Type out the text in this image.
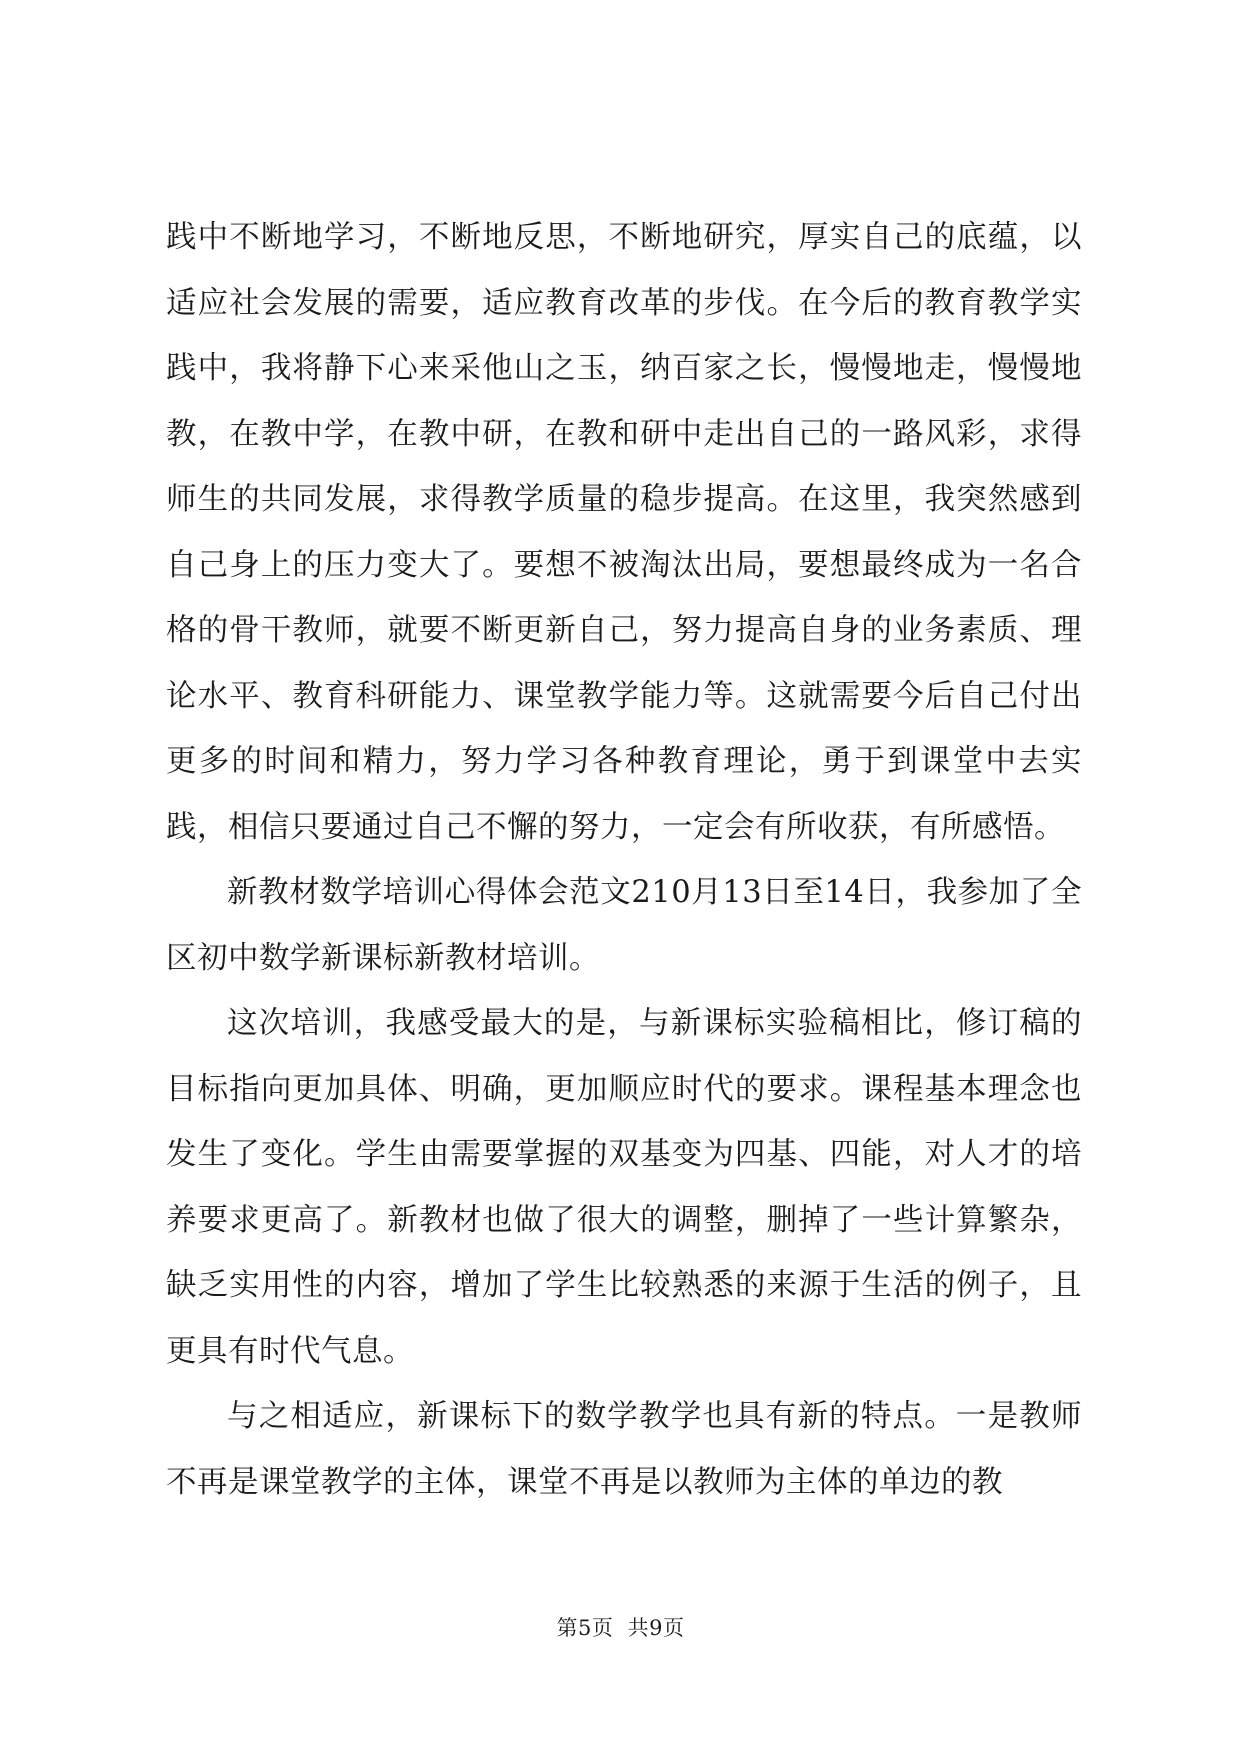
践中不断地学习，不断地反思，不断地研究，厚实自己的底蕴，以适应社会发展的需要，适应教育改革的步伐。在今后的教育教学实践中，我将静下心来采他山之玉，纳百家之长，慢慢地走，慢慢地教，在教中学，在教中研，在教和研中走出自己的一路风彩，求得师生的共同发展，求得教学质量的稳步提高。在这里，我突然感到自己身上的压力变大了。要想不被淘汰出局，要想最终成为一名合格的骨干教师，就要不断更新自己，努力提高自身的业务素质、理论水平、教育科研能力、课堂教学能力等。这就需要今后自己付出更多的时间和精力，努力学习各种教育理论，勇于到课堂中去实践，相信只要通过自己不懈的努力，一定会有所收获，有所感悟。

新教材数学培训心得体会范文210月13日至14日，我参加了全区初中数学新课标新教材培训。

这次培训，我感受最大的是，与新课标实验稿相比，修订稿的目标指向更加具体、明确，更加顺应时代的要求。课程基本理念也发生了变化。学生由需要掌握的双基变为四基、四能，对人才的培养要求更高了。新教材也做了很大的调整，删掉了一些计算繁杂，缺乏实用性的内容，增加了学生比较熟悉的来源于生活的例子，且更具有时代气息。

与之相适应，新课标下的数学教学也具有新的特点。一是教师不再是课堂教学的主体，课堂不再是以教师为主体的单边的教

第5页  共9页
